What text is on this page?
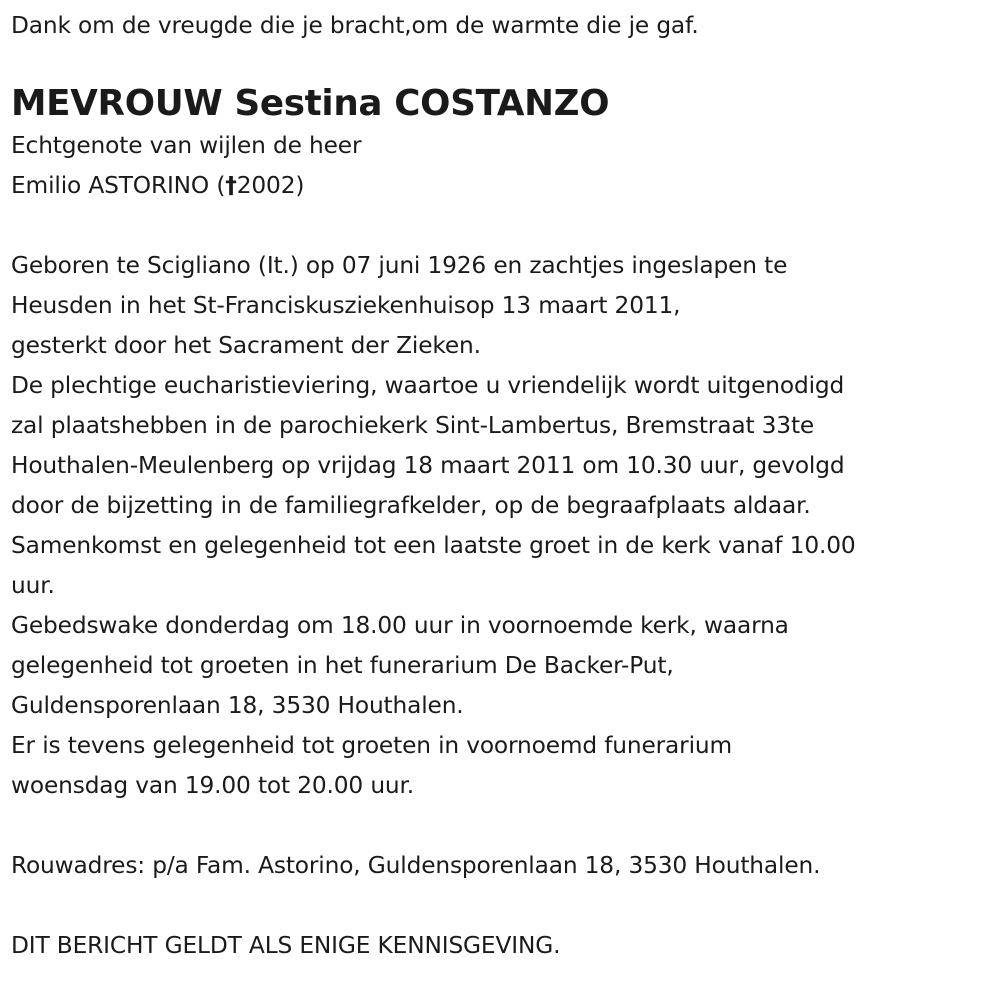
Dank om de vreugde die je bracht,om de warmte die je gaf.
MEVROUW Sestina COSTANZO
Echtgenote van wijlen de heer
Emilio ASTORINO (†2002)
Geboren te Scigliano (It.) op 07 juni 1926 en zachtjes ingeslapen te
Heusden in het St-Franciskusziekenhuisop 13 maart 2011,
gesterkt door het Sacrament der Zieken.
De plechtige eucharistieviering, waartoe u vriendelijk wordt uitgenodigd
zal plaatshebben in de parochiekerk Sint-Lambertus, Bremstraat 33te
Houthalen-Meulenberg op vrijdag 18 maart 2011 om 10.30 uur, gevolgd
door de bijzetting in de familiegrafkelder, op de begraafplaats aldaar.
Samenkomst en gelegenheid tot een laatste groet in de kerk vanaf 10.00
uur.
Gebedswake donderdag om 18.00 uur in voornoemde kerk, waarna
gelegenheid tot groeten in het funerarium De Backer-Put,
Guldensporenlaan 18, 3530 Houthalen.
Er is tevens gelegenheid tot groeten in voornoemd funerarium
woensdag van 19.00 tot 20.00 uur.
Rouwadres: p/a Fam. Astorino, Guldensporenlaan 18, 3530 Houthalen.
DIT BERICHT GELDT ALS ENIGE KENNISGEVING.
